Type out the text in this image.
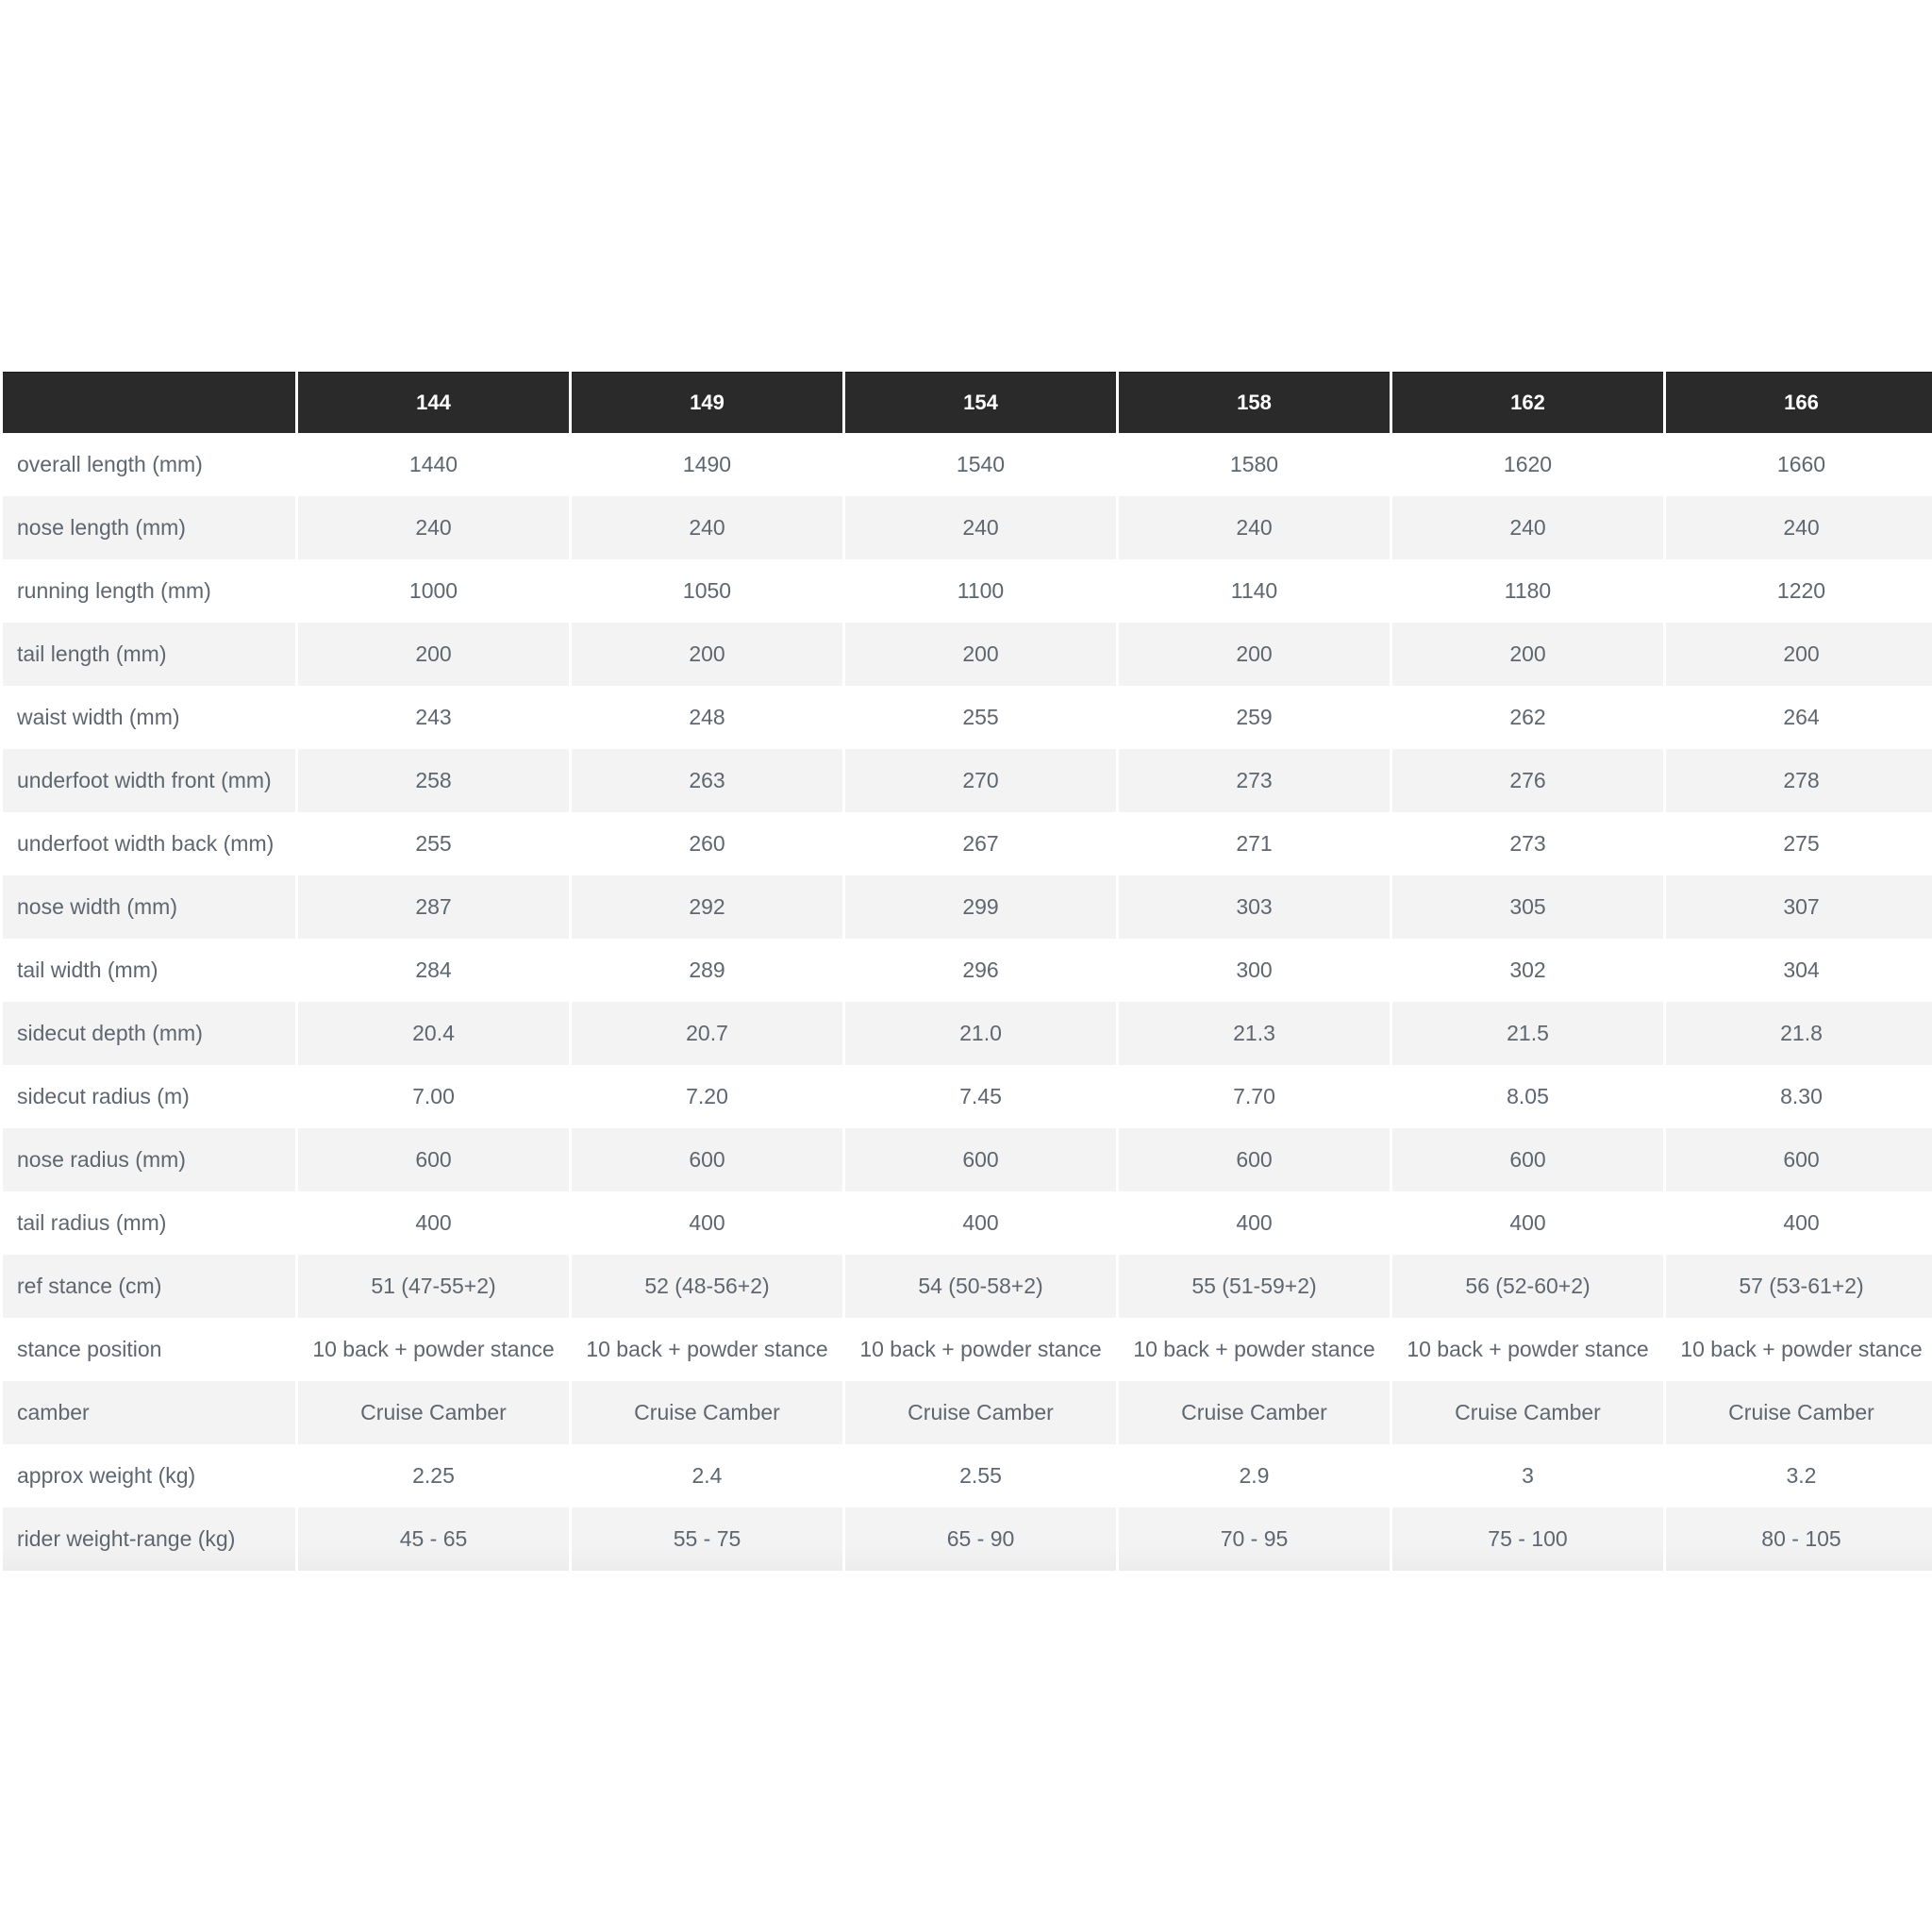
	144	149	154	158	162	166
overall length (mm)	1440	1490	1540	1580	1620	1660
nose length (mm)	240	240	240	240	240	240
running length (mm)	1000	1050	1100	1140	1180	1220
tail length (mm)	200	200	200	200	200	200
waist width (mm)	243	248	255	259	262	264
underfoot width front (mm)	258	263	270	273	276	278
underfoot width back (mm)	255	260	267	271	273	275
nose width (mm)	287	292	299	303	305	307
tail width (mm)	284	289	296	300	302	304
sidecut depth (mm)	20.4	20.7	21.0	21.3	21.5	21.8
sidecut radius (m)	7.00	7.20	7.45	7.70	8.05	8.30
nose radius (mm)	600	600	600	600	600	600
tail radius (mm)	400	400	400	400	400	400
ref stance (cm)	51 (47-55+2)	52 (48-56+2)	54 (50-58+2)	55 (51-59+2)	56 (52-60+2)	57 (53-61+2)
stance position	10 back + powder stance	10 back + powder stance	10 back + powder stance	10 back + powder stance	10 back + powder stance	10 back + powder stance
camber	Cruise Camber	Cruise Camber	Cruise Camber	Cruise Camber	Cruise Camber	Cruise Camber
approx weight (kg)	2.25	2.4	2.55	2.9	3	3.2
rider weight-range (kg)	45 - 65	55 - 75	65 - 90	70 - 95	75 - 100	80 - 105
